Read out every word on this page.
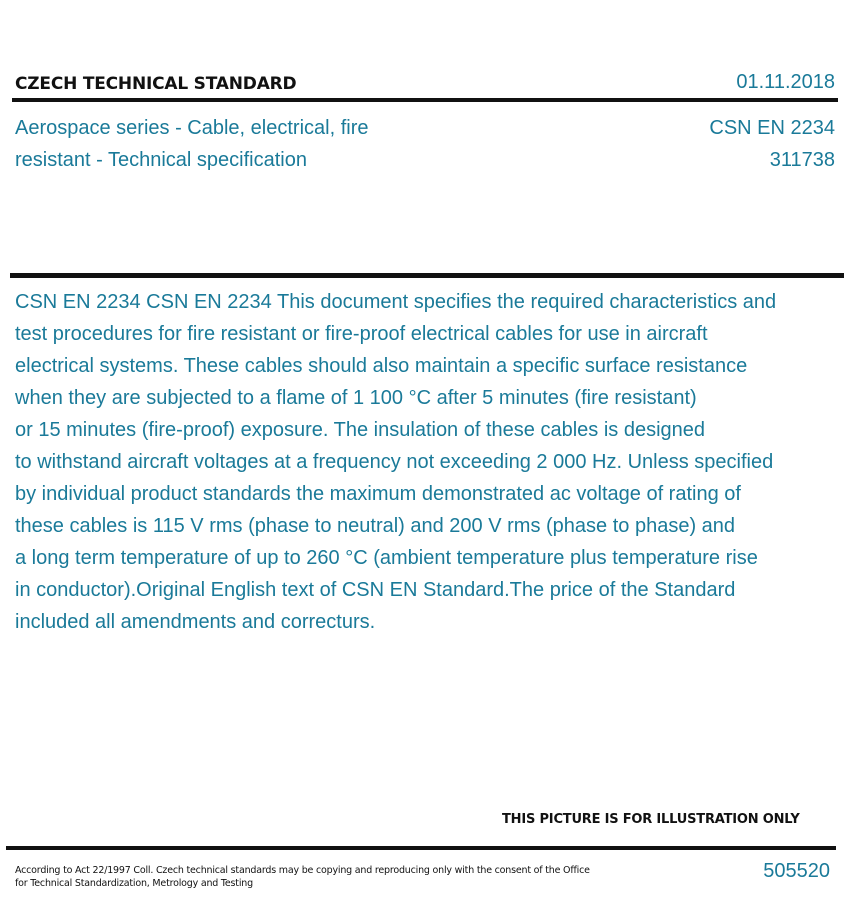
CZECH TECHNICAL STANDARD	01.11.2018
Aerospace series - Cable, electrical, fire
resistant - Technical specification
CSN EN 2234
311738
CSN EN 2234 CSN EN 2234 This document specifies the required characteristics and
test procedures for fire resistant or fire-proof electrical cables for use in aircraft
electrical systems. These cables should also maintain a specific surface resistance
when they are subjected to a flame of 1 100 °C after 5 minutes (fire resistant)
or 15 minutes (fire-proof) exposure. The insulation of these cables is designed
to withstand aircraft voltages at a frequency not exceeding 2 000 Hz. Unless specified
by individual product standards the maximum demonstrated ac voltage of rating of
these cables is 115 V rms (phase to neutral) and 200 V rms (phase to phase) and
a long term temperature of up to 260 °C (ambient temperature plus temperature rise
in conductor).Original English text of CSN EN Standard.The price of the Standard
included all amendments and correcturs.
THIS PICTURE IS FOR ILLUSTRATION ONLY
According to Act 22/1997 Coll. Czech technical standards may be copying and reproducing only with the consent of the Office
for Technical Standardization, Metrology and Testing
505520
